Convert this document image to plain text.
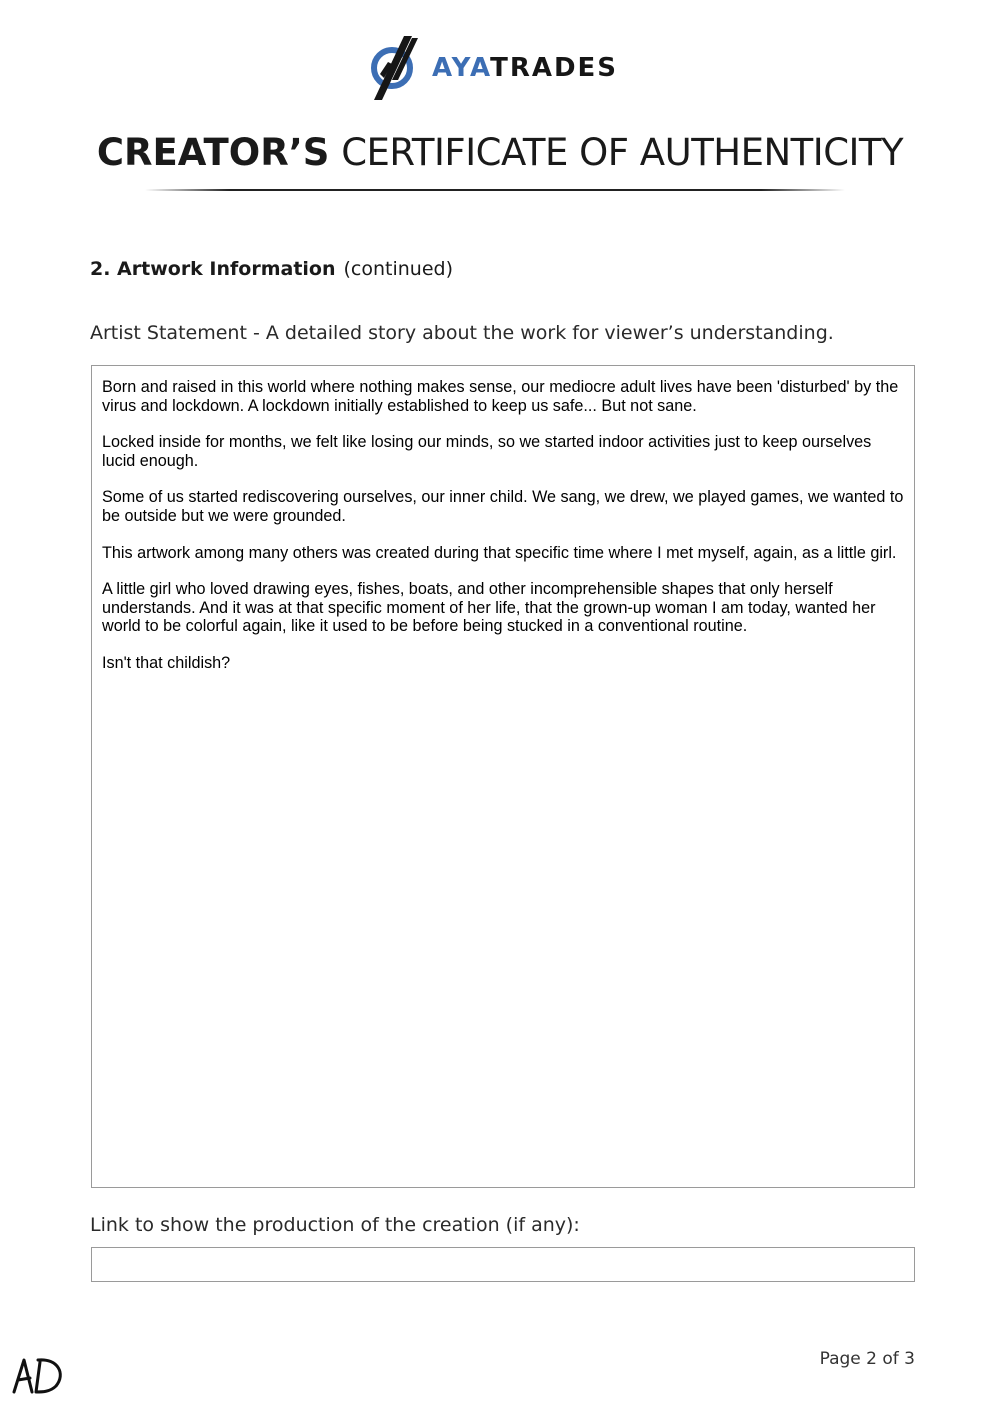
AYATRADES
CREATOR’S CERTIFICATE OF AUTHENTICITY
2. Artwork Information (continued)
Artist Statement - A detailed story about the work for viewer’s understanding.

Born and raised in this world where nothing makes sense, our mediocre adult lives have been 'disturbed' by the virus and lockdown. A lockdown initially established to keep us safe... But not sane.

Locked inside for months, we felt like losing our minds, so we started indoor activities just to keep ourselves lucid enough.

Some of us started rediscovering ourselves, our inner child. We sang, we drew, we played games, we wanted to be outside but we were grounded.

This artwork among many others was created during that specific time where I met myself, again, as a little girl.

A little girl who loved drawing eyes, fishes, boats, and other incomprehensible shapes that only herself understands. And it was at that specific moment of her life, that the grown-up woman I am today, wanted her world to be colorful again, like it used to be before being stucked in a conventional routine.

Isn't that childish?

Link to show the production of the creation (if any):
Page 2 of 3
